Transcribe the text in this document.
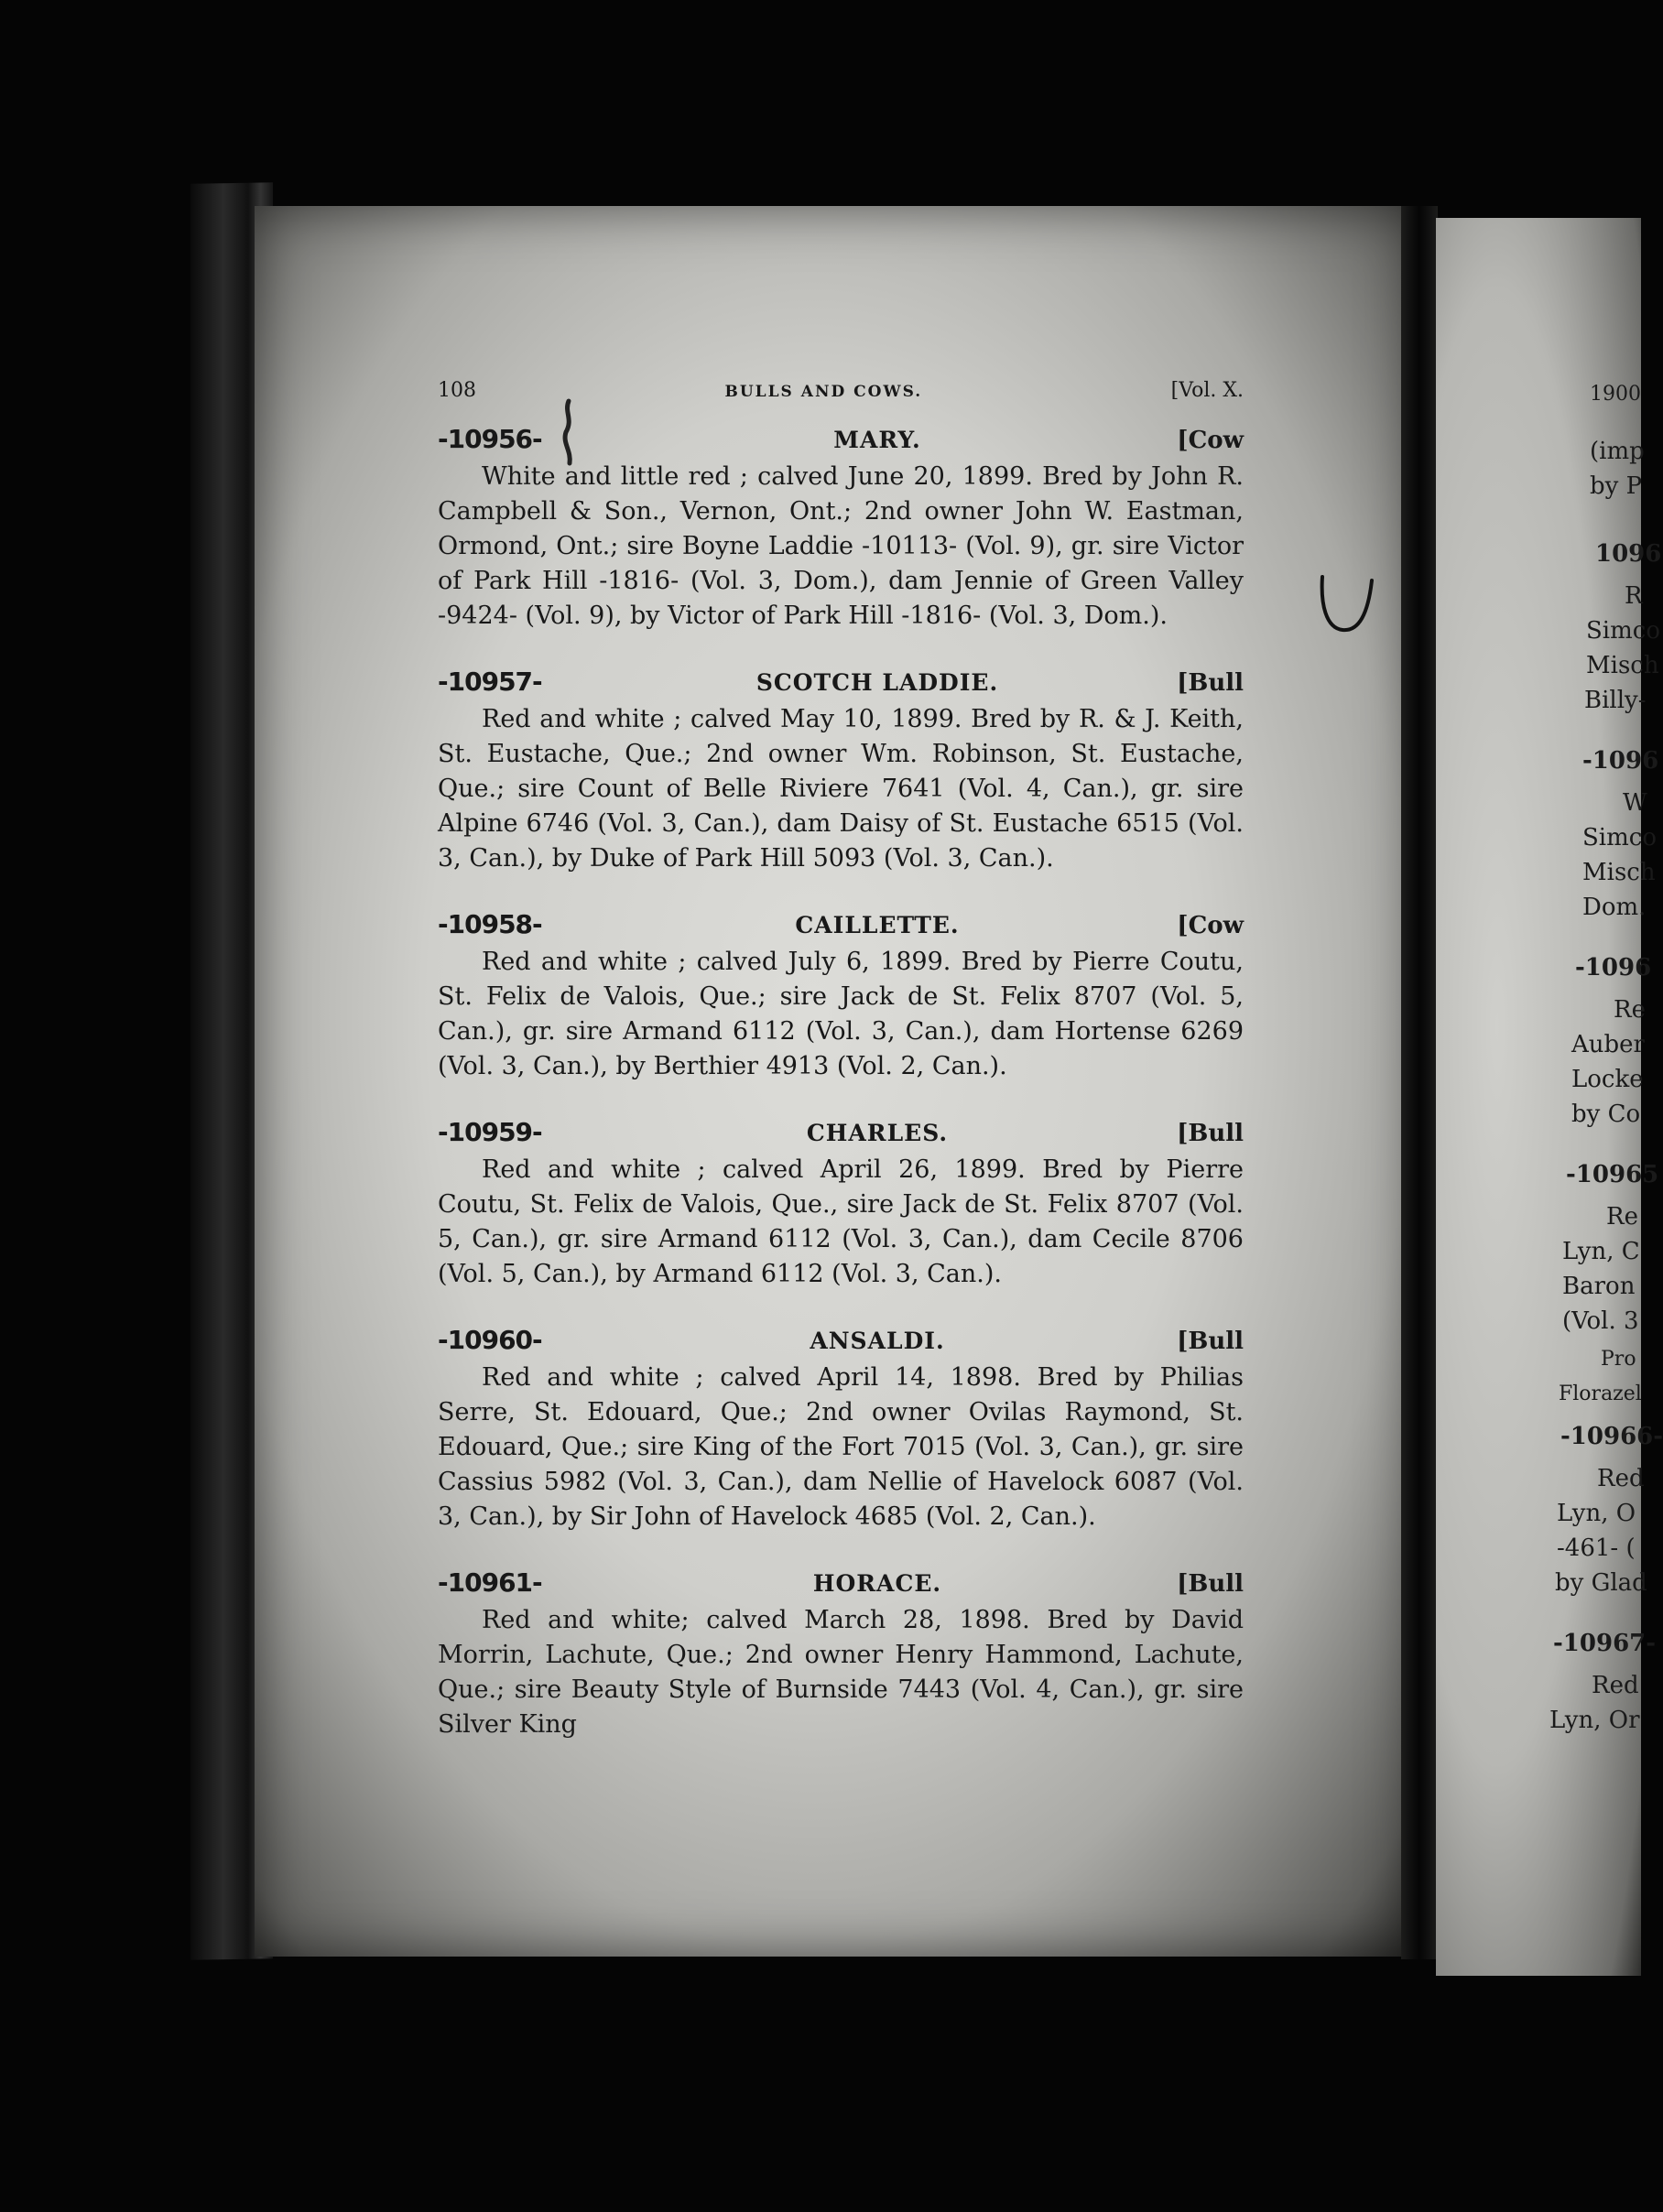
1900
(imp
by P
1096
R
Simco
Misch
Billy-
-1096
W
Simco
Misch
Dom.
-1096
Re
Auber
Locke
by Co
-10965
Re
Lyn, C
Baron
(Vol. 3
Pro
Florazel
-10966-
Red
Lyn, O
-461- (
by Glad
-10967-
Red
Lyn, Or
108	BULLS AND COWS.	[Vol. X.
-10956-	MARY.	[Cow
White and little red ; calved June 20, 1899. Bred by John R. Campbell & Son., Vernon, Ont.; 2nd owner John W. Eastman, Ormond, Ont.; sire Boyne Laddie -10113- (Vol. 9), gr. sire Victor of Park Hill -1816- (Vol. 3, Dom.), dam Jennie of Green Valley -9424- (Vol. 9), by Victor of Park Hill -1816- (Vol. 3, Dom.).
-10957-	SCOTCH LADDIE.	[Bull
Red and white ; calved May 10, 1899. Bred by R. & J. Keith, St. Eustache, Que.; 2nd owner Wm. Robinson, St. Eustache, Que.; sire Count of Belle Riviere 7641 (Vol. 4, Can.), gr. sire Alpine 6746 (Vol. 3, Can.), dam Daisy of St. Eustache 6515 (Vol. 3, Can.), by Duke of Park Hill 5093 (Vol. 3, Can.).
-10958-	CAILLETTE.	[Cow
Red and white ; calved July 6, 1899. Bred by Pierre Coutu, St. Felix de Valois, Que.; sire Jack de St. Felix 8707 (Vol. 5, Can.), gr. sire Armand 6112 (Vol. 3, Can.), dam Hortense 6269 (Vol. 3, Can.), by Berthier 4913 (Vol. 2, Can.).
-10959-	CHARLES.	[Bull
Red and white ; calved April 26, 1899. Bred by Pierre Coutu, St. Felix de Valois, Que., sire Jack de St. Felix 8707 (Vol. 5, Can.), gr. sire Armand 6112 (Vol. 3, Can.), dam Cecile 8706 (Vol. 5, Can.), by Armand 6112 (Vol. 3, Can.).
-10960-	ANSALDI.	[Bull
Red and white ; calved April 14, 1898. Bred by Philias Serre, St. Edouard, Que.; 2nd owner Ovilas Raymond, St. Edouard, Que.; sire King of the Fort 7015 (Vol. 3, Can.), gr. sire Cassius 5982 (Vol. 3, Can.), dam Nellie of Havelock 6087 (Vol. 3, Can.), by Sir John of Havelock 4685 (Vol. 2, Can.).
-10961-	HORACE.	[Bull
Red and white; calved March 28, 1898. Bred by David Morrin, Lachute, Que.; 2nd owner Henry Hammond, Lachute, Que.; sire Beauty Style of Burnside 7443 (Vol. 4, Can.), gr. sire Silver King
